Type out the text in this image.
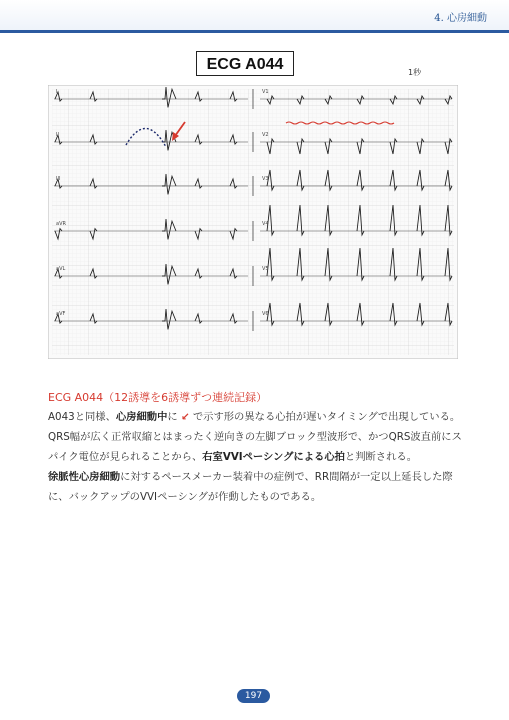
4. 心房細動
ECG A044
I	V1
II	V2
III	V3
aVR	V4
aVL	V5
aVF	V6
1秒
ECG A044（12誘導を6誘導ずつ連続記録）

A043と同様、心房細動中に ↙ で示す形の異なる心拍が遅いタイミングで出現している。

QRS幅が広く正常収縮とはまったく逆向きの左脚ブロック型波形で、かつQRS波直前にスパイク電位が見られることから、右室VVIペーシングによる心拍と判断される。

徐脈性心房細動に対するペースメーカー装着中の症例で、RR間隔が一定以上延長した際に、バックアップのVVIペーシングが作動したものである。

197
